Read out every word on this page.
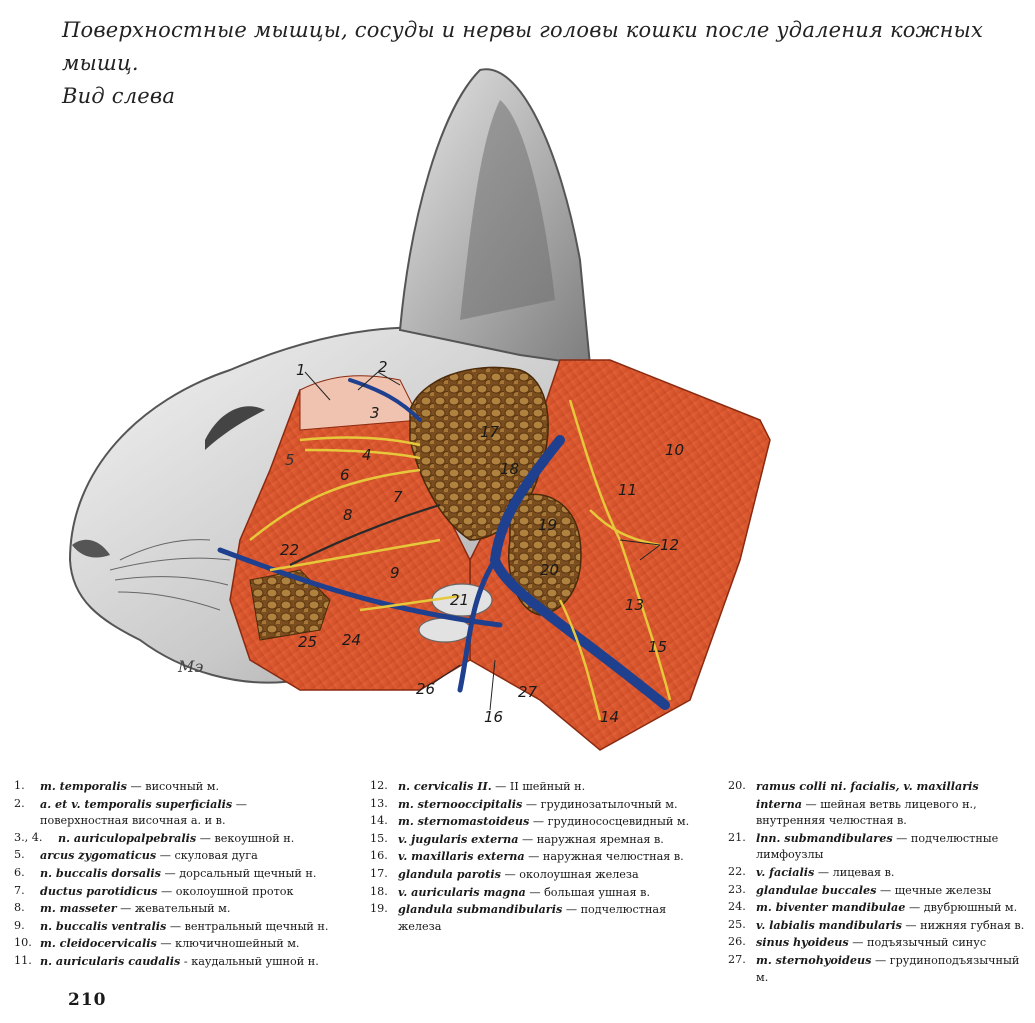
Поверхностные мышцы, сосуды и нервы головы кошки после удаления кожных мышц.
Вид слева
Мэ
1	2
3
4
5
6
7
8
9
10
11
12
13
14
15
16
17
18
19
20
21
22
24
25
26	27
1.	m. temporalis — височный м.
2.	a. et v. temporalis superficialis — поверхностная височная а. и в.
3., 4.	n. auriculopalpebralis — векоушной н.
5.	arcus zygomaticus — скуловая дуга
6.	n. buccalis dorsalis — дорсальный щечный н.
7.	ductus parotidicus — околоушной проток
8.	m. masseter — жевательный м.
9.	n. buccalis ventralis — вентральный щечный н.
10. m. cleidocervicalis — ключичношейный м.
11. n. auricularis caudalis - каудальный ушной н.
12. n. cervicalis II. — II шейный н.
13. m. sternooccipitalis — грудинозатылочный м.
14. m. sternomastoideus — грудинососцевидный м.
15. v. jugularis externa — наружная яремная в.
16. v. maxillaris externa — наружная челюстная в.
17. glandula parotis — околоушная железа
18. v. auricularis magna — большая ушная в.
19. glandula submandibularis — подчелюстная железа
20. ramus colli ni. facialis, v. maxillaris interna — шейная ветвь лицевого н., внутренняя челюстная в.
21. lnn. submandibulares — подчелюстные лимфоузлы
22. v. facialis — лицевая в.
23. glandulae buccales — щечные железы
24. m. biventer mandibulae — двубрюшный м.
25. v. labialis mandibularis — нижняя губная в.
26. sinus hyoideus — подъязычный синус
27. m. sternohyoideus — грудиноподъязычный м.
210
